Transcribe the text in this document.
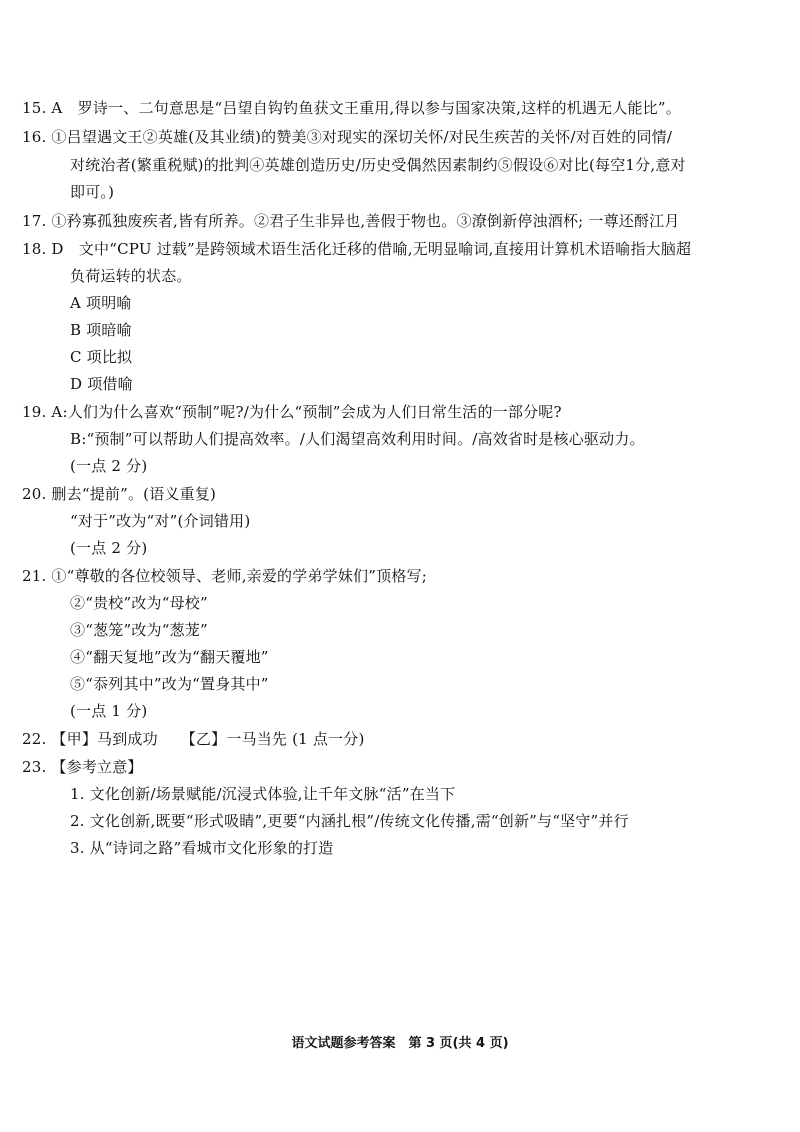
15. A　罗诗一、二句意思是“吕望自钩钓鱼获文王重用,得以参与国家决策,这样的机遇无人能比”。
16. ①吕望遇文王②英雄(及其业绩)的赞美③对现实的深切关怀/对民生疾苦的关怀/对百姓的同情/
对统治者(繁重税赋)的批判④英雄创造历史/历史受偶然因素制约⑤假设⑥对比(每空1分,意对
即可。)
17. ①矜寡孤独废疾者,皆有所养。②君子生非异也,善假于物也。③潦倒新停浊酒杯; 一尊还酹江月
18. D　文中“CPU 过载”是跨领域术语生活化迁移的借喻,无明显喻词,直接用计算机术语喻指大脑超
负荷运转的状态。
A 项明喻
B 项暗喻
C 项比拟
D 项借喻
19. A:人们为什么喜欢“预制”呢?/为什么“预制”会成为人们日常生活的一部分呢?
B:“预制”可以帮助人们提高效率。/人们渴望高效利用时间。/高效省时是核心驱动力。
(一点 2 分)
20. 删去“提前”。(语义重复)
“对于”改为“对”(介词错用)
(一点 2 分)
21. ①“尊敬的各位校领导、老师,亲爱的学弟学妹们”顶格写;
②“贵校”改为“母校”
③“葱笼”改为“葱茏”
④“翻天复地”改为“翻天覆地”
⑤“忝列其中”改为“置身其中”
(一点 1 分)
22. 【甲】马到成功　　【乙】一马当先 (1 点一分)
23. 【参考立意】
1. 文化创新/场景赋能/沉浸式体验,让千年文脉“活”在当下
2. 文化创新,既要“形式吸睛”,更要“内涵扎根”/传统文化传播,需“创新”与“坚守”并行
3. 从“诗词之路”看城市文化形象的打造
语文试题参考答案　第 3 页(共 4 页)
